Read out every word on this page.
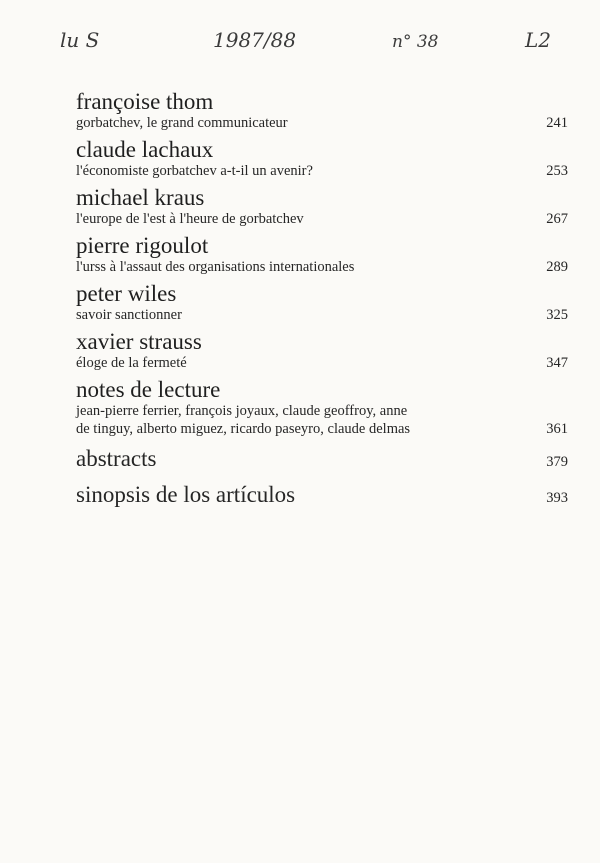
lu S	1987/88	n° 38	L2
françoise thom
gorbatchev, le grand communicateur	241
claude lachaux
l'économiste gorbatchev a-t-il un avenir?	253
michael kraus
l'europe de l'est à l'heure de gorbatchev	267
pierre rigoulot
l'urss à l'assaut des organisations internationales	289
peter wiles
savoir sanctionner	325
xavier strauss
éloge de la fermeté	347
notes de lecture
jean-pierre ferrier, françois joyaux, claude geoffroy, anne
de tinguy, alberto miguez, ricardo paseyro, claude delmas	361
abstracts	379
sinopsis de los artículos	393
